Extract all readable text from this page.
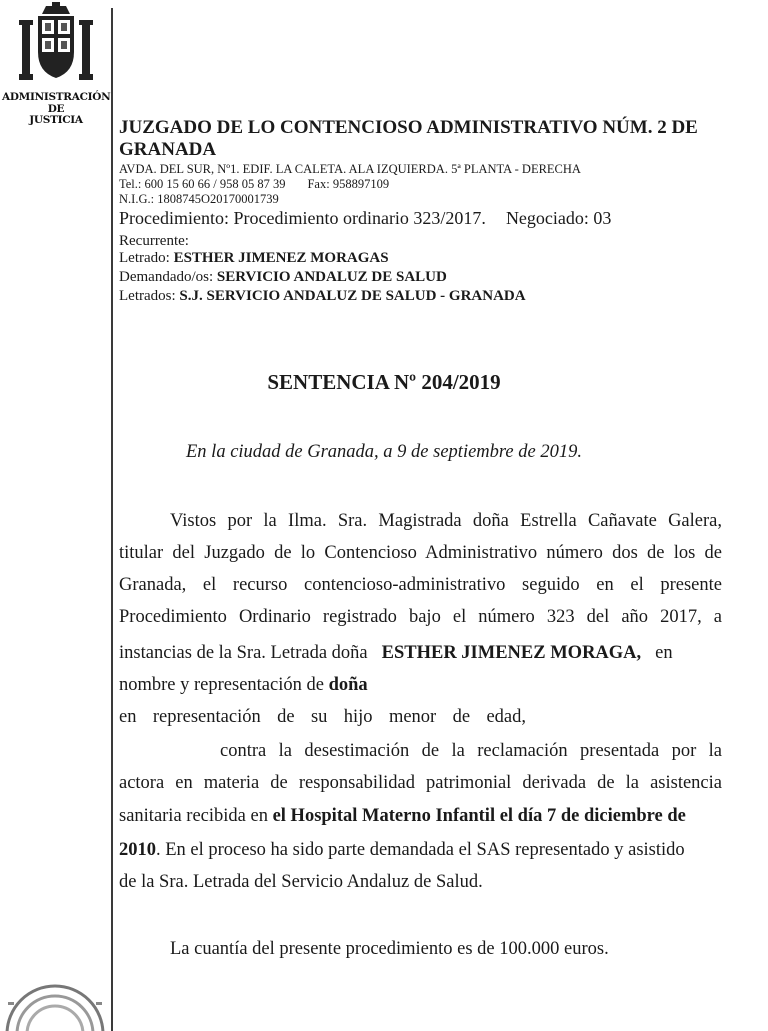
ADMINISTRACIÓN
DE
JUSTICIA	JUZGADO DE LO CONTENCIOSO ADMINISTRATIVO NÚM. 2 DE GRANADA
AVDA. DEL SUR, Nº1. EDIF. LA CALETA. ALA IZQUIERDA. 5ª PLANTA - DERECHA
Tel.: 600 15 60 66 / 958 05 87 39 Fax: 958897109
N.I.G.: 1808745O20170001739
Procedimiento: Procedimiento ordinario 323/2017. Negociado: 03
Recurrente:
Letrado: ESTHER JIMENEZ MORAGAS
Demandado/os: SERVICIO ANDALUZ DE SALUD
Letrados: S.J. SERVICIO ANDALUZ DE SALUD - GRANADA
SENTENCIA Nº 204/2019
En la ciudad de Granada, a 9 de septiembre de 2019.
Vistos por la Ilma. Sra. Magistrada doña Estrella Cañavate Galera,
titular del Juzgado de lo Contencioso Administrativo número dos de los de
Granada, el recurso contencioso-administrativo seguido en el presente
Procedimiento Ordinario registrado bajo el número 323 del año 2017, a
instancias de la Sra. Letrada doña ESTHER JIMENEZ MORAGA, en
nombre y representación de doña
en representación de su hijo menor de edad,
contra la desestimación de la reclamación presentada por la
actora en materia de responsabilidad patrimonial derivada de la asistencia
sanitaria recibida en el Hospital Materno Infantil el día 7 de diciembre de
2010. En el proceso ha sido parte demandada el SAS representado y asistido
de la Sra. Letrada del Servicio Andaluz de Salud.
La cuantía del presente procedimiento es de 100.000 euros.
